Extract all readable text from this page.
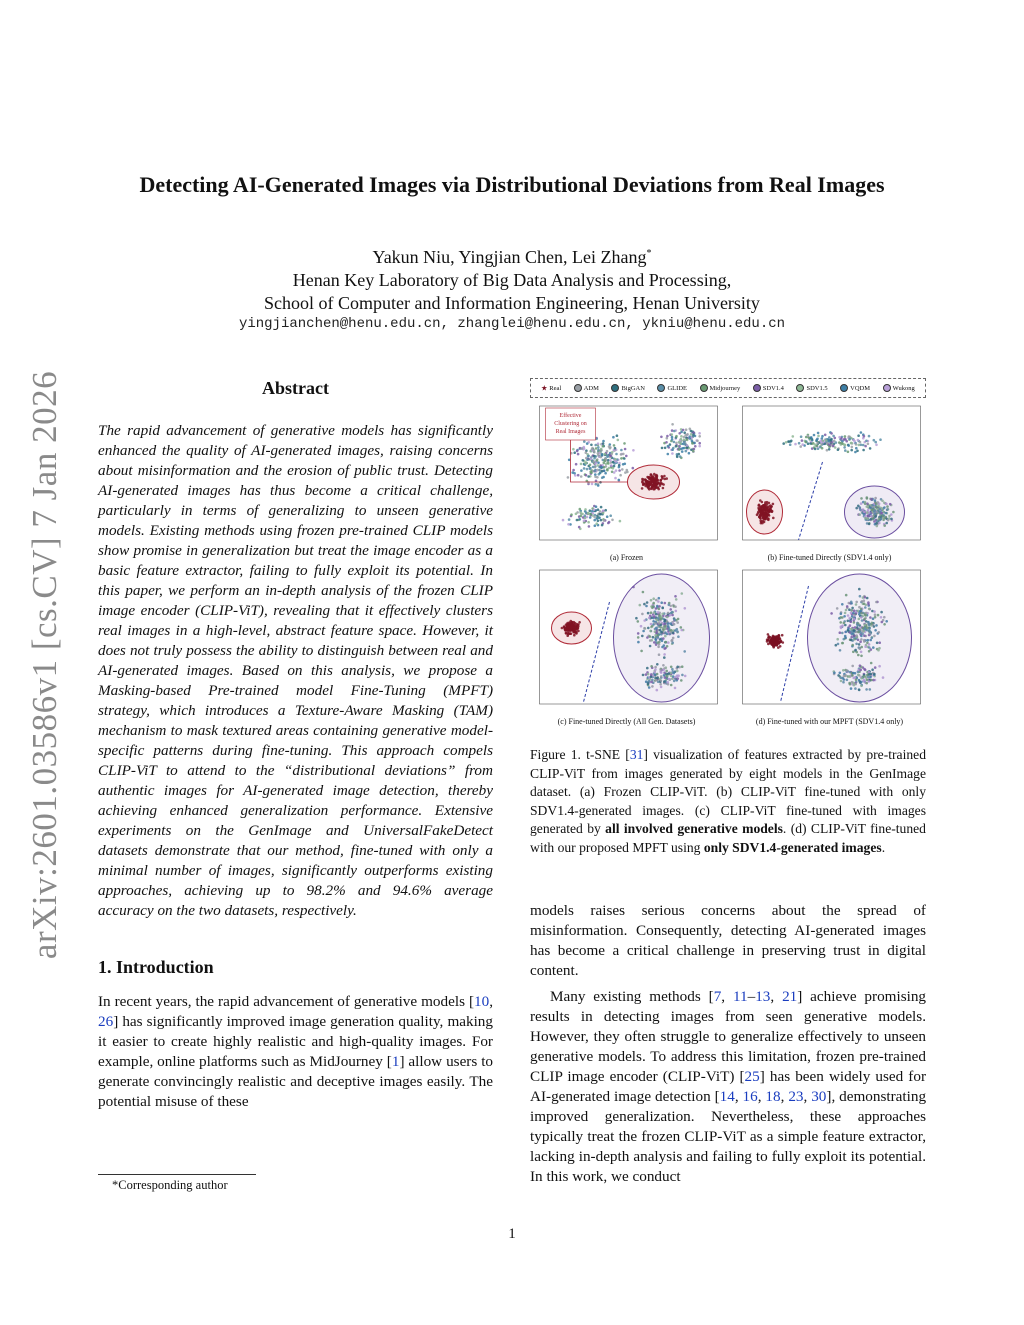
arXiv:2601.03586v1 [cs.CV] 7 Jan 2026
Detecting AI-Generated Images via Distributional Deviations from Real Images
Yakun Niu, Yingjian Chen, Lei Zhang*
Henan Key Laboratory of Big Data Analysis and Processing,
School of Computer and Information Engineering, Henan University
yingjianchen@henu.edu.cn, zhanglei@henu.edu.cn, ykniu@henu.edu.cn
Abstract
The rapid advancement of generative models has significantly enhanced the quality of AI-generated images, raising concerns about misinformation and the erosion of public trust. Detecting AI-generated images has thus become a critical challenge, particularly in terms of generalizing to unseen generative models. Existing methods using frozen pre-trained CLIP models show promise in generalization but treat the image encoder as a basic feature extractor, failing to fully exploit its potential. In this paper, we perform an in-depth analysis of the frozen CLIP image encoder (CLIP-ViT), revealing that it effectively clusters real images in a high-level, abstract feature space. However, it does not truly possess the ability to distinguish between real and AI-generated images. Based on this analysis, we propose a Masking-based Pre-trained model Fine-Tuning (MPFT) strategy, which introduces a Texture-Aware Masking (TAM) mechanism to mask textured areas containing generative model-specific patterns during fine-tuning. This approach compels CLIP-ViT to attend to the “distributional deviations” from authentic images for AI-generated image detection, thereby achieving enhanced generalization performance. Extensive experiments on the GenImage and UniversalFakeDetect datasets demonstrate that our method, fine-tuned with only a minimal number of images, significantly outperforms existing approaches, achieving up to 98.2% and 94.6% average accuracy on the two datasets, respectively.
1. Introduction

In recent years, the rapid advancement of generative models [10, 26] has significantly improved image generation quality, making it easier to create highly realistic and high-quality images. For example, online platforms such as MidJourney [1] allow users to generate convincingly realistic and deceptive images easily. The potential misuse of these

*Corresponding author
Real	ADM	BigGAN	GLIDE	Midjourney	SDV1.4	SDV1.5	VQDM	Wukong
Effective
Clustering on
Real Images
(a) Frozen	(b) Fine-tuned Directly (SDV1.4 only)
(c) Fine-tuned Directly (All Gen. Datasets)	(d) Fine-tuned with our MPFT (SDV1.4 only)
Figure 1. t-SNE [31] visualization of features extracted by pre-trained CLIP-ViT from images generated by eight models in the GenImage dataset. (a) Frozen CLIP-ViT. (b) CLIP-ViT fine-tuned with only SDV1.4-generated images. (c) CLIP-ViT fine-tuned with images generated by all involved generative models. (d) CLIP-ViT fine-tuned with our proposed MPFT using only SDV1.4-generated images.

models raises serious concerns about the spread of misinformation. Consequently, detecting AI-generated images has become a critical challenge in preserving trust in digital content.

Many existing methods [7, 11–13, 21] achieve promising results in detecting images from seen generative models. However, they often struggle to generalize effectively to unseen generative models. To address this limitation, frozen pre-trained CLIP image encoder (CLIP-ViT) [25] has been widely used for AI-generated image detection [14, 16, 18, 23, 30], demonstrating improved generalization. Nevertheless, these approaches typically treat the frozen CLIP-ViT as a simple feature extractor, lacking in-depth analysis and failing to fully exploit its potential. In this work, we conduct

1
